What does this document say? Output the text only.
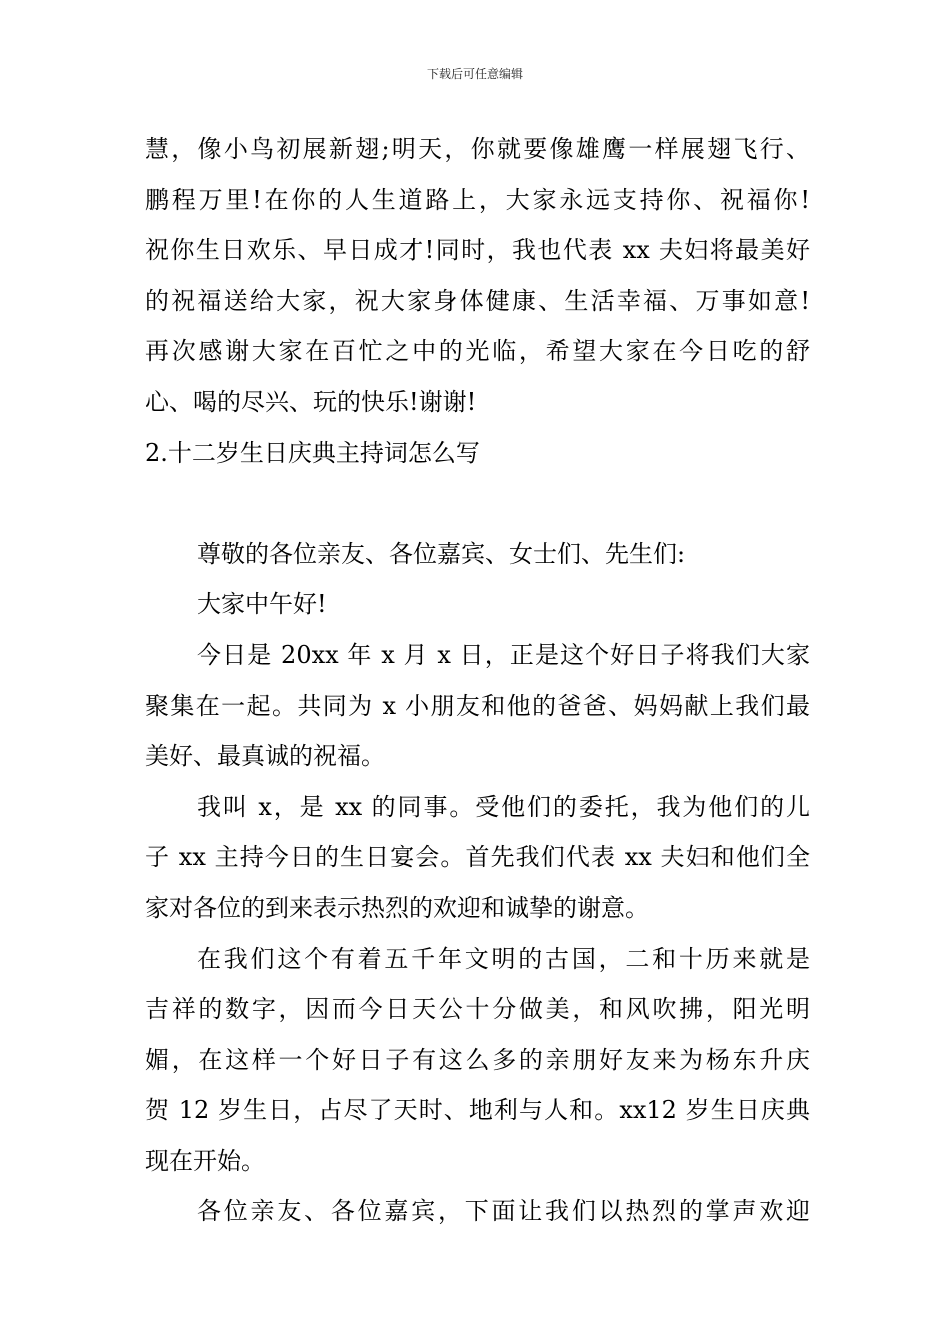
下载后可任意编辑
慧，像小鸟初展新翅;明天，你就要像雄鹰一样展翅飞行、
鹏程万里!在你的人生道路上，大家永远支持你、祝福你!
祝你生日欢乐、早日成才!同时，我也代表 xx 夫妇将最美好
的祝福送给大家，祝大家身体健康、生活幸福、万事如意!
再次感谢大家在百忙之中的光临，希望大家在今日吃的舒
心、喝的尽兴、玩的快乐!谢谢!
2.十二岁生日庆典主持词怎么写
尊敬的各位亲友、各位嘉宾、女士们、先生们:
大家中午好!
今日是 20xx 年 x 月 x 日，正是这个好日子将我们大家
聚集在一起。共同为 x 小朋友和他的爸爸、妈妈献上我们最
美好、最真诚的祝福。
我叫 x，是 xx 的同事。受他们的委托，我为他们的儿
子 xx 主持今日的生日宴会。首先我们代表 xx 夫妇和他们全
家对各位的到来表示热烈的欢迎和诚挚的谢意。
在我们这个有着五千年文明的古国，二和十历来就是
吉祥的数字，因而今日天公十分做美，和风吹拂，阳光明
媚，在这样一个好日子有这么多的亲朋好友来为杨东升庆
贺 12 岁生日，占尽了天时、地利与人和。xx12 岁生日庆典
现在开始。
各位亲友、各位嘉宾，下面让我们以热烈的掌声欢迎
